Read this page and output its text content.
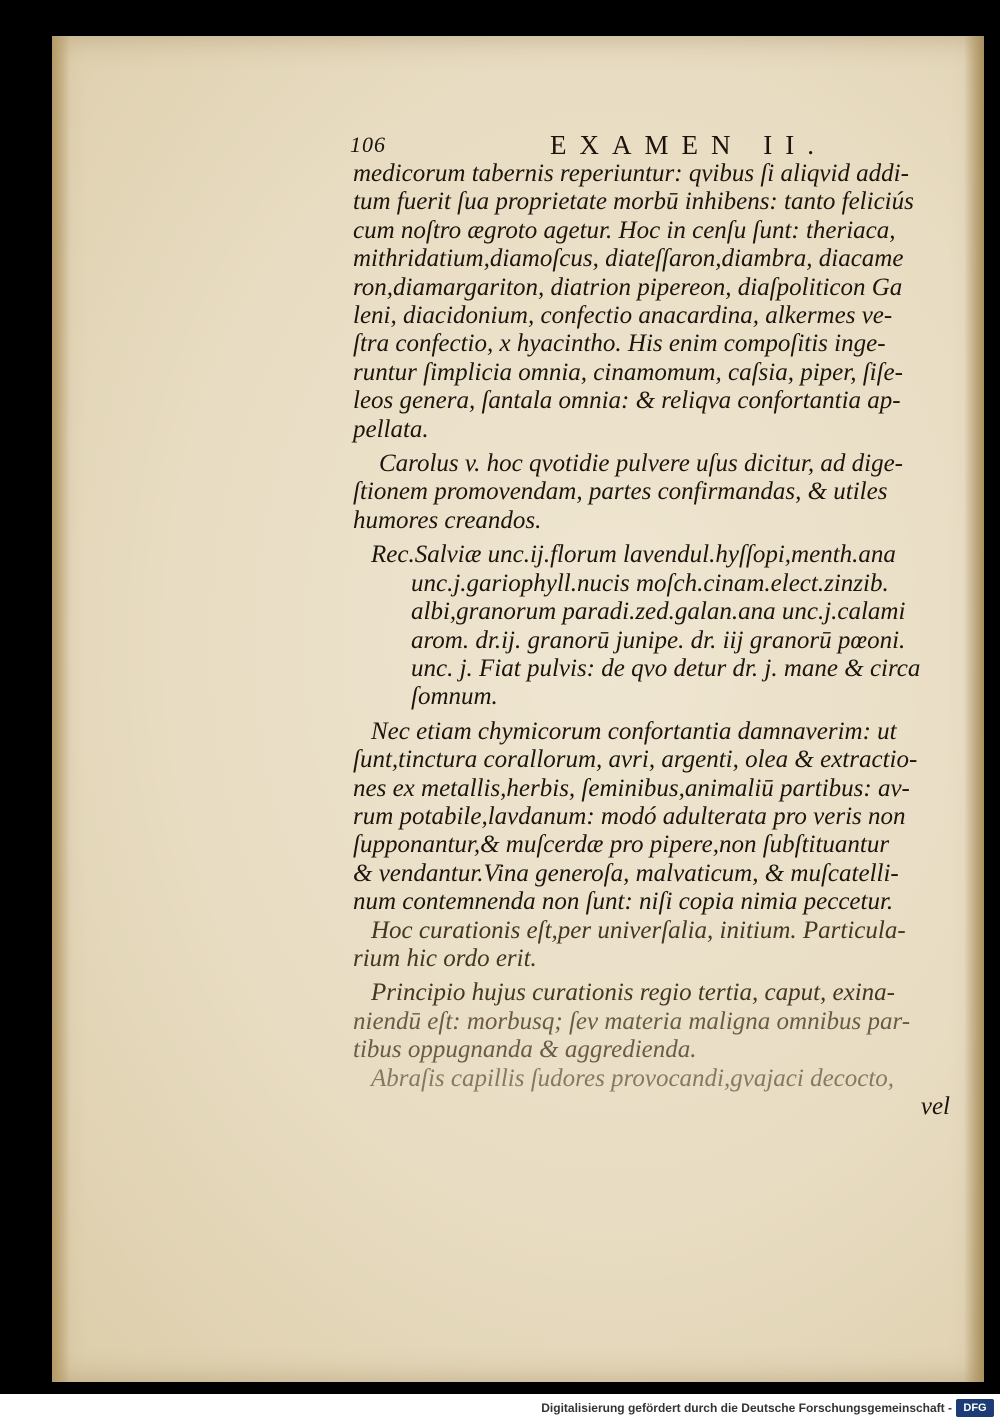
106	EXAMEN II.
medicorum tabernis reperiuntur: qvibus ſi aliqvid addi-
tum fuerit ſua proprietate morbū inhibens: tanto feliciús
cum noſtro ægroto agetur. Hoc in cenſu ſunt: theriaca,
mithridatium,diamoſcus, diateſſaron,diambra, diacame
ron,diamargariton, diatrion pipereon, diaſpoliticon Ga
leni, diacidonium, confectio anacardina, alkermes ve-
ſtra confectio, x hyacintho. His enim compoſitis inge-
runtur ſimplicia omnia, cinamomum, caſsia, piper, ſiſe-
leos genera, ſantala omnia: & reliqva confortantia ap-
pellata.
Carolus v. hoc qvotidie pulvere uſus dicitur, ad dige-
ſtionem promovendam, partes confirmandas, & utiles
humores creandos.
Rec.Salviæ unc.ij.florum lavendul.hyſſopi,menth.ana
unc.j.gariophyll.nucis moſch.cinam.elect.zinzib.
albi,granorum paradi.zed.galan.ana unc.j.calami
arom. dr.ij. granorū junipe. dr. iij granorū pœoni.
unc. j. Fiat pulvis: de qvo detur dr. j. mane & circa
ſomnum.
Nec etiam chymicorum confortantia damnaverim: ut
ſunt,tinctura corallorum, avri, argenti, olea & extractio-
nes ex metallis,herbis, ſeminibus,animaliū partibus: av-
rum potabile,lavdanum: modó adulterata pro veris non
ſupponantur,& muſcerdæ pro pipere,non ſubſtituantur
& vendantur.Vina generoſa, malvaticum, & muſcatelli-
num contemnenda non ſunt: niſi copia nimia peccetur.
Hoc curationis eſt,per univerſalia, initium. Particula-
rium hic ordo erit.
Principio hujus curationis regio tertia, caput, exina-
niendū eſt: morbusq; ſev materia maligna omnibus par-
tibus oppugnanda & aggredienda.
Abraſis capillis ſudores provocandi,gvajaci decocto,
vel
Digitalisierung gefördert durch die Deutsche Forschungsgemeinschaft -	DFG
